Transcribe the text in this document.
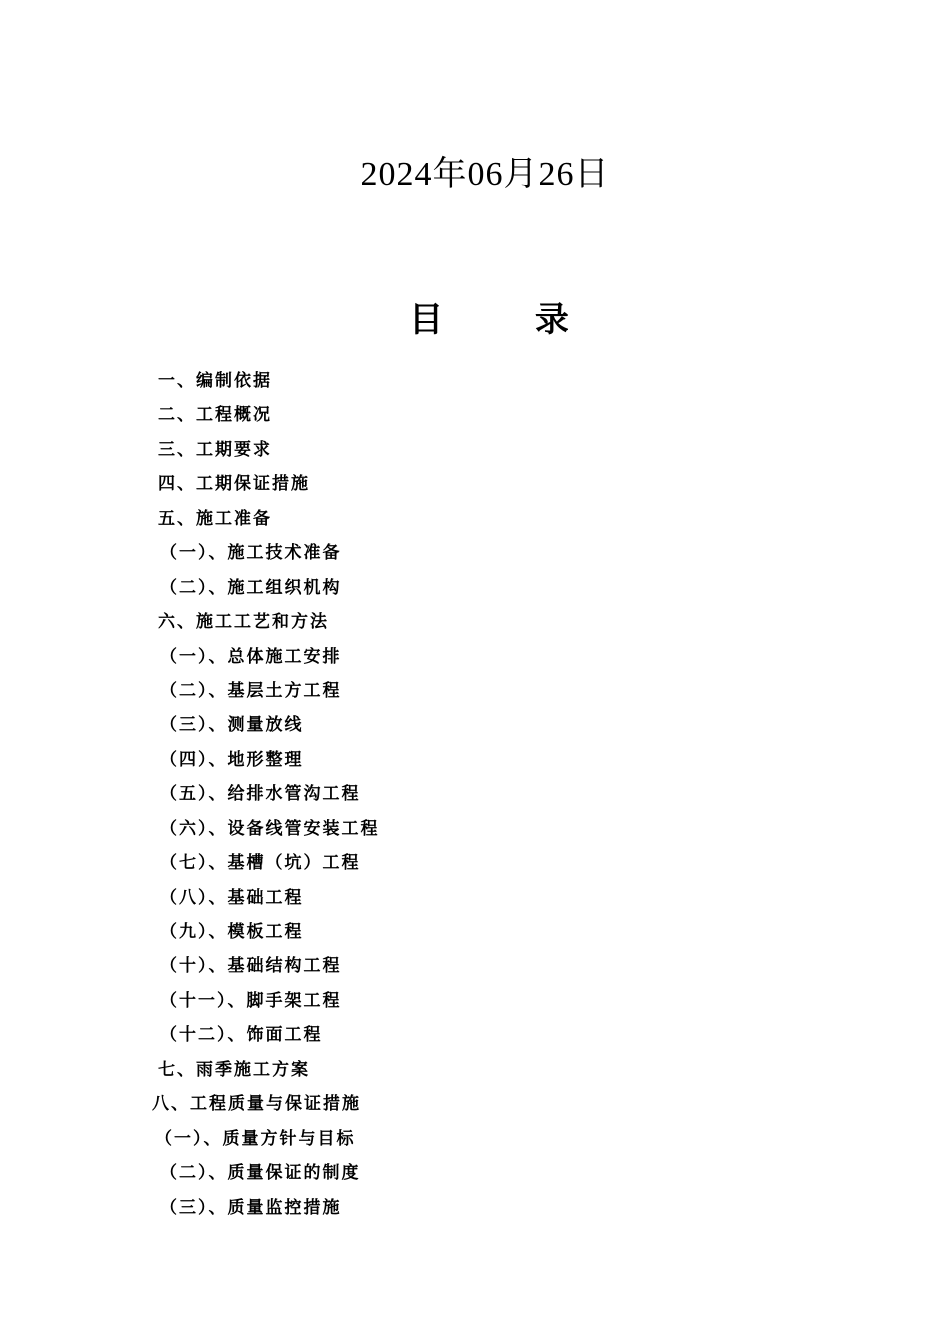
2024年06月26日
目 录
一、编制依据
二、工程概况
三、工期要求
四、工期保证措施
五、施工准备
（一）、施工技术准备
（二）、施工组织机构
六、施工工艺和方法
（一）、总体施工安排
（二）、基层土方工程
（三）、测量放线
（四）、地形整理
（五）、给排水管沟工程
（六）、设备线管安装工程
（七）、基槽（坑）工程
（八）、基础工程
（九）、模板工程
（十）、基础结构工程
（十一）、脚手架工程
（十二）、饰面工程
七、雨季施工方案
八、工程质量与保证措施
（一）、质量方针与目标
（二）、质量保证的制度
（三）、质量监控措施
